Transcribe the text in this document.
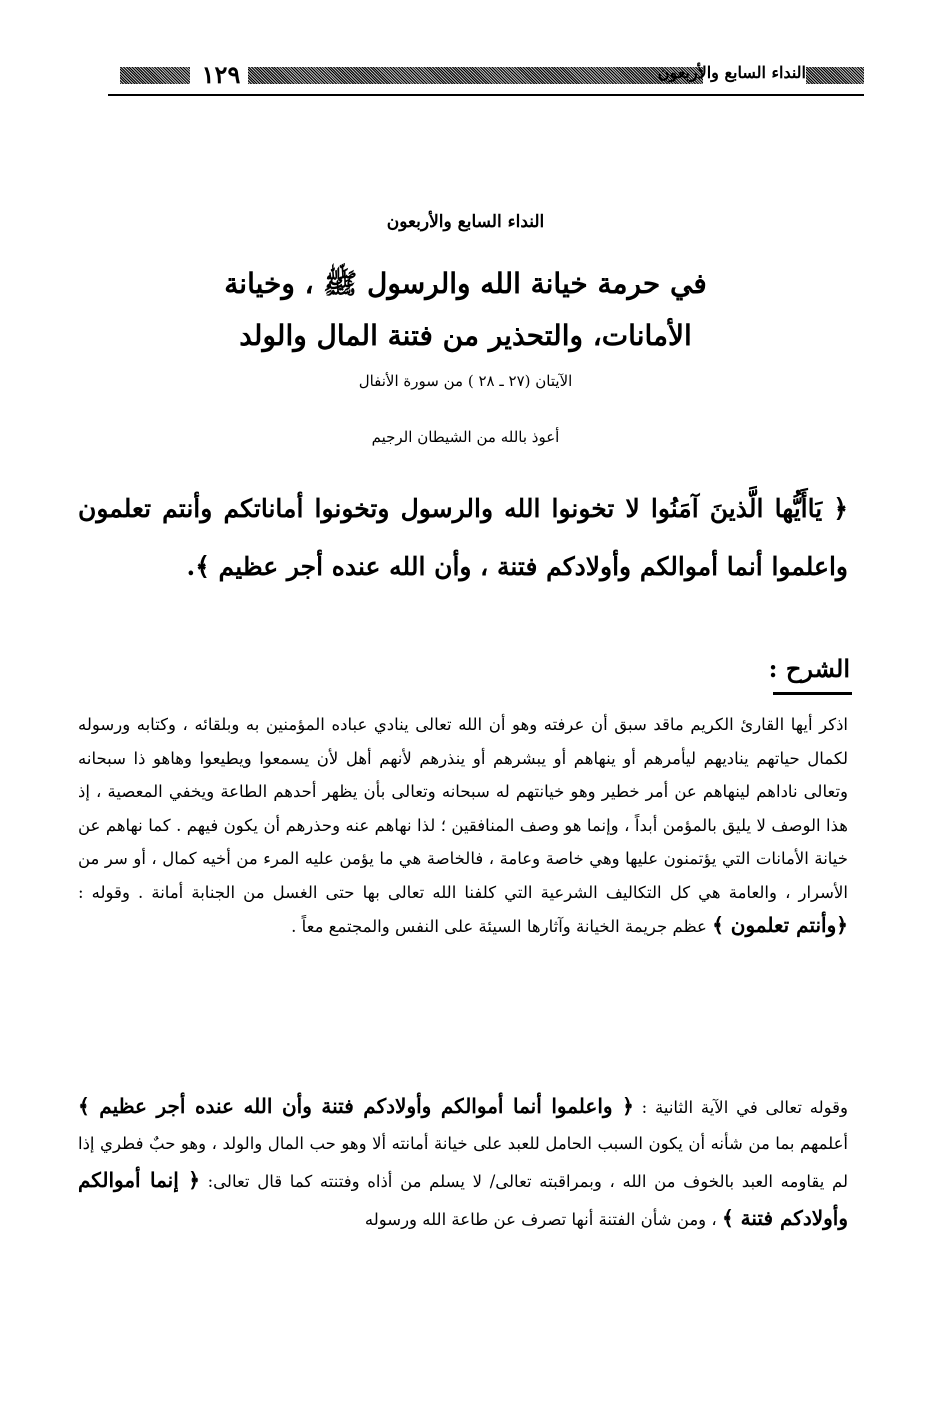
١٢٩	النداء السابع والأربعون
النداء السابع والأربعون
في حرمة خيانة الله والرسول ﷺ ، وخيانة
الأمانات، والتحذير من فتنة المال والولد
الآيتان (٢٧ ـ ٢٨ ) من سورة الأنفال
أعوذ بالله من الشيطان الرجيم
﴿ يَاأَيُّها الَّذينَ آمَنُوا لا تخونوا الله والرسول وتخونوا أماناتكم وأنتم تعلمون واعلموا أنما أموالكم وأولادكم فتنة ، وأن الله عنده أجر عظيم ﴾.
الشرح :
اذكر أيها القارئ الكريم ماقد سبق أن عرفته وهو أن الله تعالى ينادي عباده المؤمنين به وبلقائه ، وكتابه ورسوله لكمال حياتهم يناديهم ليأمرهم أو ينهاهم أو يبشرهم أو ينذرهم لأنهم أهل لأن يسمعوا ويطيعوا وهاهو ذا سبحانه وتعالى ناداهم لينهاهم عن أمر خطير وهو خيانتهم له سبحانه وتعالى بأن يظهر أحدهم الطاعة ويخفي المعصية ، إذ هذا الوصف لا يليق بالمؤمن أبداً ، وإنما هو وصف المنافقين ؛ لذا نهاهم عنه وحذرهم أن يكون فيهم . كما نهاهم عن خيانة الأمانات التي يؤتمنون عليها وهي خاصة وعامة ، فالخاصة هي ما يؤمن عليه المرء من أخيه كمال ، أو سر من الأسرار ، والعامة هي كل التكاليف الشرعية التي كلفنا الله تعالى بها حتى الغسل من الجنابة أمانة . وقوله : ﴿وأنتم تعلمون ﴾ عظم جريمة الخيانة وآثارها السيئة على النفس والمجتمع معاً .
وقوله تعالى في الآية الثانية : ﴿ واعلموا أنما أموالكم وأولادكم فتنة وأن الله عنده أجر عظيم ﴾ أعلمهم بما من شأنه أن يكون السبب الحامل للعبد على خيانة أمانته ألا وهو حب المال والولد ، وهو حبٌ فطري إذا لم يقاومه العبد بالخوف من الله ، وبمراقبته تعالى/ لا يسلم من أذاه وفتنته كما قال تعالى: ﴿ إنما أموالكم وأولادكم فتنة ﴾ ، ومن شأن الفتنة أنها تصرف عن طاعة الله ورسوله
